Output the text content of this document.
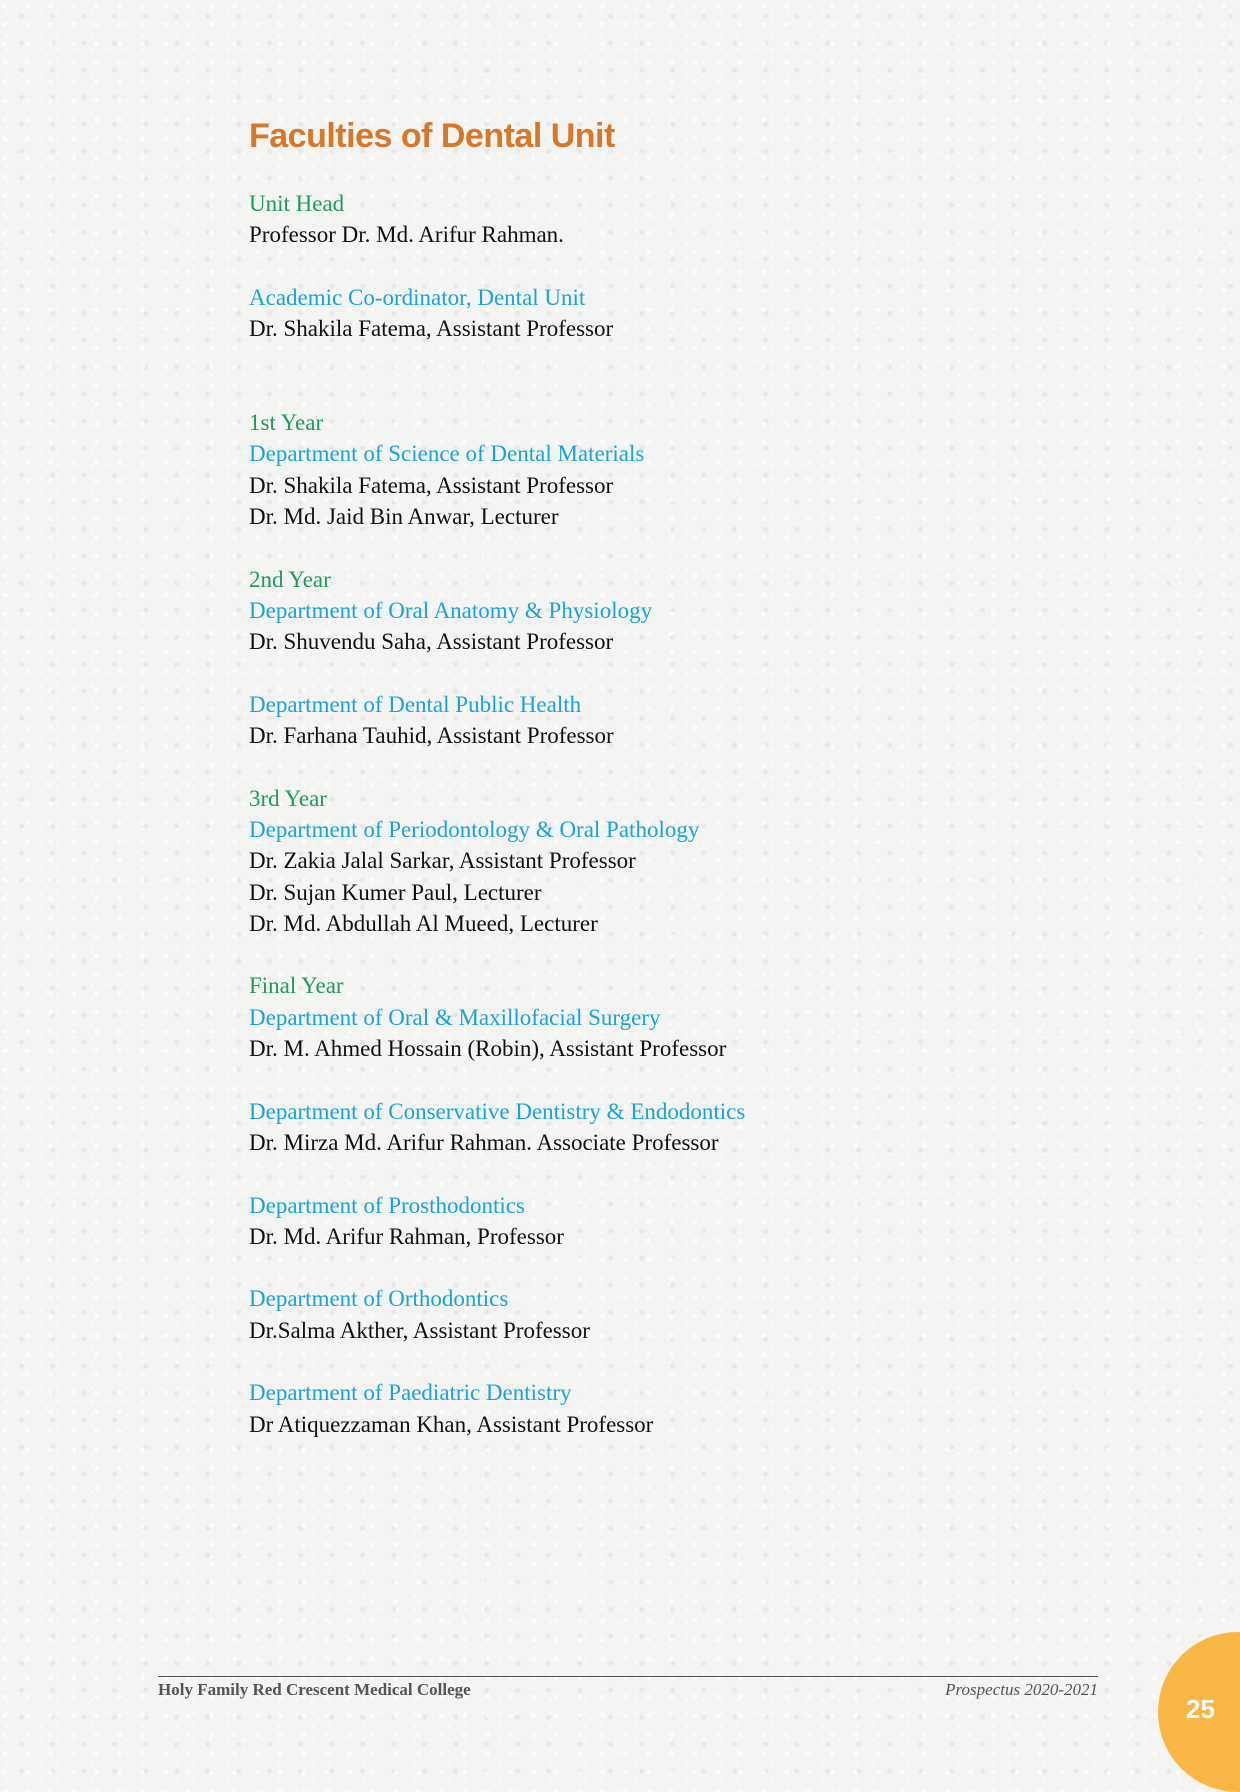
Faculties of Dental Unit
Unit Head
Professor Dr. Md. Arifur Rahman.
Academic Co-ordinator, Dental Unit
Dr. Shakila Fatema, Assistant Professor
1st Year
Department of Science of Dental Materials
Dr. Shakila Fatema, Assistant Professor
Dr. Md. Jaid Bin Anwar, Lecturer
2nd Year
Department of Oral Anatomy & Physiology
Dr. Shuvendu Saha, Assistant Professor
Department of Dental Public Health
Dr. Farhana Tauhid, Assistant Professor
3rd Year
Department of Periodontology & Oral Pathology
Dr. Zakia Jalal Sarkar, Assistant Professor
Dr. Sujan Kumer Paul, Lecturer
Dr. Md. Abdullah Al Mueed, Lecturer
Final Year
Department of Oral & Maxillofacial Surgery
Dr. M. Ahmed Hossain (Robin), Assistant Professor
Department of Conservative Dentistry & Endodontics
Dr. Mirza Md. Arifur Rahman. Associate Professor
Department of Prosthodontics
Dr. Md. Arifur Rahman, Professor
Department of Orthodontics
Dr.Salma Akther, Assistant Professor
Department of Paediatric Dentistry
Dr Atiquezzaman Khan, Assistant Professor
Holy Family Red Crescent Medical College	Prospectus 2020-2021
25
